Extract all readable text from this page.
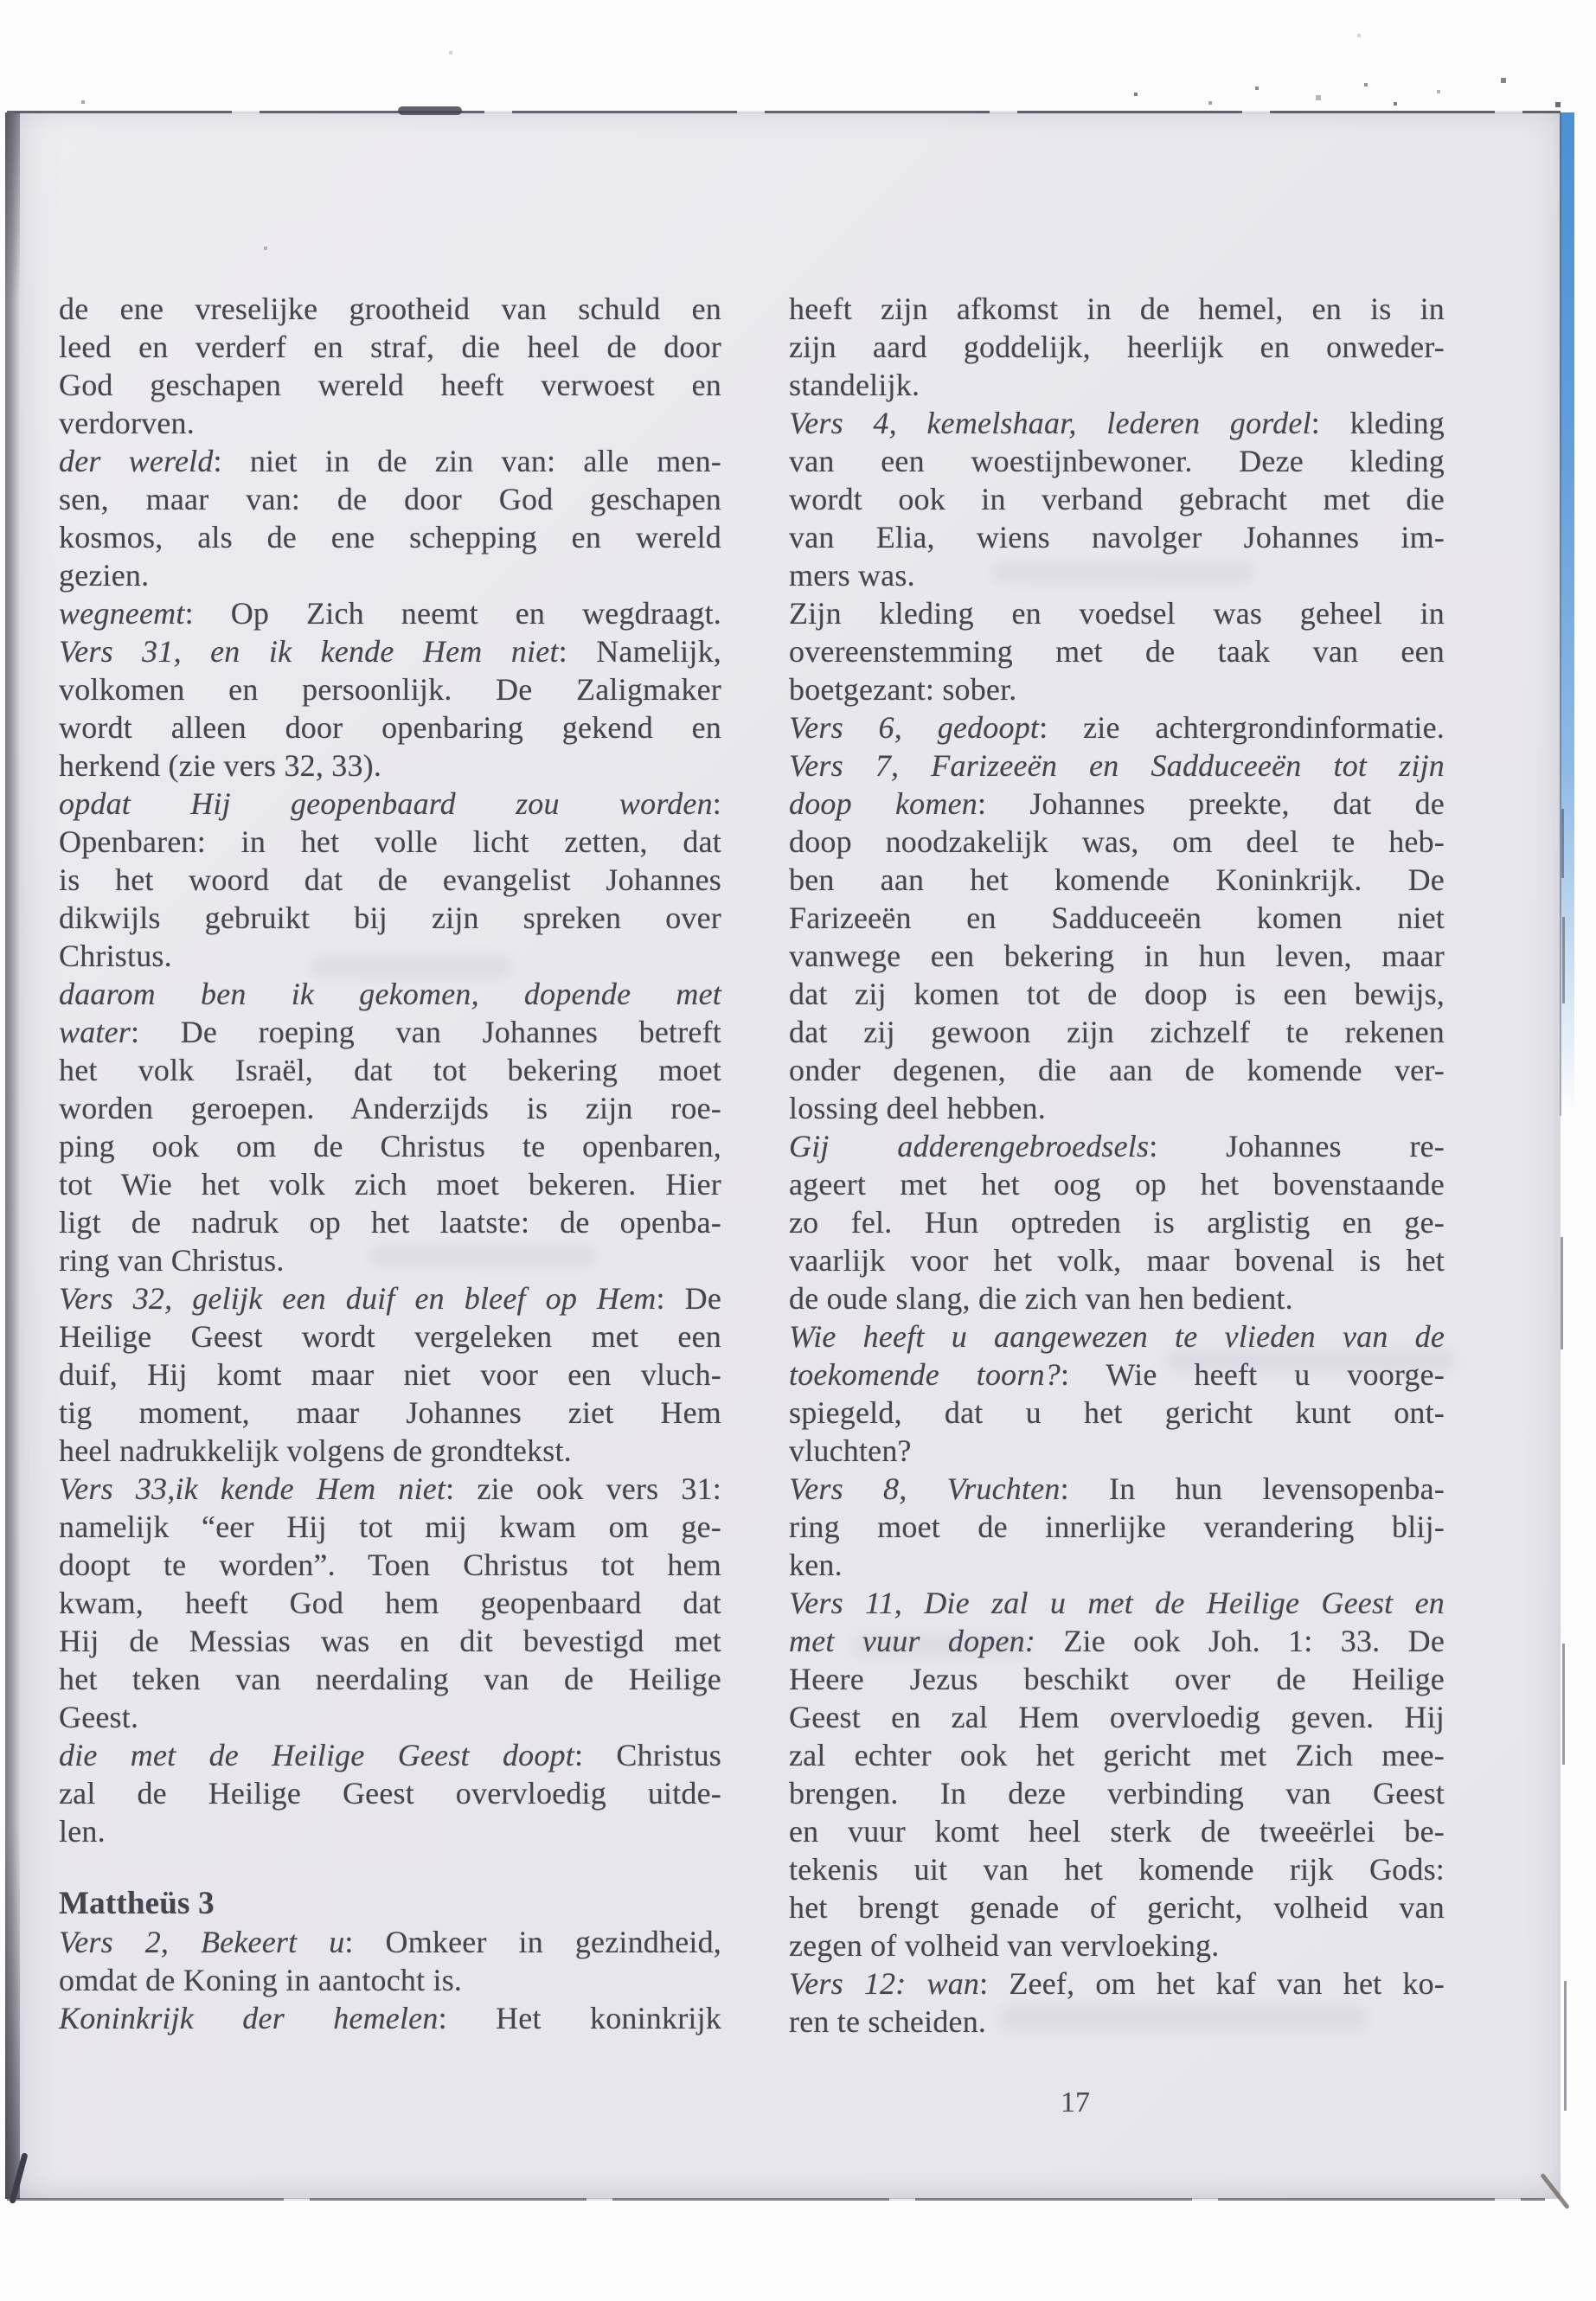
de ene vreselijke grootheid van schuld en
leed en verderf en straf, die heel de door
God geschapen wereld heeft verwoest en
verdorven.
der wereld: niet in de zin van: alle men-
sen, maar van: de door God geschapen
kosmos, als de ene schepping en wereld
gezien.
wegneemt: Op Zich neemt en wegdraagt.
Vers 31, en ik kende Hem niet: Namelijk,
volkomen en persoonlijk. De Zaligmaker
wordt alleen door openbaring gekend en
herkend (zie vers 32, 33).
opdat Hij geopenbaard zou worden:
Openbaren: in het volle licht zetten, dat
is het woord dat de evangelist Johannes
dikwijls gebruikt bij zijn spreken over
Christus.
daarom ben ik gekomen, dopende met
water: De roeping van Johannes betreft
het volk Israël, dat tot bekering moet
worden geroepen. Anderzijds is zijn roe-
ping ook om de Christus te openbaren,
tot Wie het volk zich moet bekeren. Hier
ligt de nadruk op het laatste: de openba-
ring van Christus.
Vers 32, gelijk een duif en bleef op Hem: De
Heilige Geest wordt vergeleken met een
duif, Hij komt maar niet voor een vluch-
tig moment, maar Johannes ziet Hem
heel nadrukkelijk volgens de grondtekst.
Vers 33,ik kende Hem niet: zie ook vers 31:
namelijk “eer Hij tot mij kwam om ge-
doopt te worden”. Toen Christus tot hem
kwam, heeft God hem geopenbaard dat
Hij de Messias was en dit bevestigd met
het teken van neerdaling van de Heilige
Geest.
die met de Heilige Geest doopt: Christus
zal de Heilige Geest overvloedig uitde-
len.
Mattheüs 3
Vers 2, Bekeert u: Omkeer in gezindheid,
omdat de Koning in aantocht is.
Koninkrijk der hemelen: Het koninkrijk
heeft zijn afkomst in de hemel, en is in
zijn aard goddelijk, heerlijk en onweder-
standelijk.
Vers 4, kemelshaar, lederen gordel: kleding
van een woestijnbewoner. Deze kleding
wordt ook in verband gebracht met die
van Elia, wiens navolger Johannes im-
mers was.
Zijn kleding en voedsel was geheel in
overeenstemming met de taak van een
boetgezant: sober.
Vers 6, gedoopt: zie achtergrondinformatie.
Vers 7, Farizeeën en Sadduceeën tot zijn
doop komen: Johannes preekte, dat de
doop noodzakelijk was, om deel te heb-
ben aan het komende Koninkrijk. De
Farizeeën en Sadduceeën komen niet
vanwege een bekering in hun leven, maar
dat zij komen tot de doop is een bewijs,
dat zij gewoon zijn zichzelf te rekenen
onder degenen, die aan de komende ver-
lossing deel hebben.
Gij adderengebroedsels: Johannes re-
ageert met het oog op het bovenstaande
zo fel. Hun optreden is arglistig en ge-
vaarlijk voor het volk, maar bovenal is het
de oude slang, die zich van hen bedient.
Wie heeft u aangewezen te vlieden van de
toekomende toorn?: Wie heeft u voorge-
spiegeld, dat u het gericht kunt ont-
vluchten?
Vers 8, Vruchten: In hun levensopenba-
ring moet de innerlijke verandering blij-
ken.
Vers 11, Die zal u met de Heilige Geest en
met vuur dopen: Zie ook Joh. 1: 33. De
Heere Jezus beschikt over de Heilige
Geest en zal Hem overvloedig geven. Hij
zal echter ook het gericht met Zich mee-
brengen. In deze verbinding van Geest
en vuur komt heel sterk de tweeërlei be-
tekenis uit van het komende rijk Gods:
het brengt genade of gericht, volheid van
zegen of volheid van vervloeking.
Vers 12: wan: Zeef, om het kaf van het ko-
ren te scheiden.
17
